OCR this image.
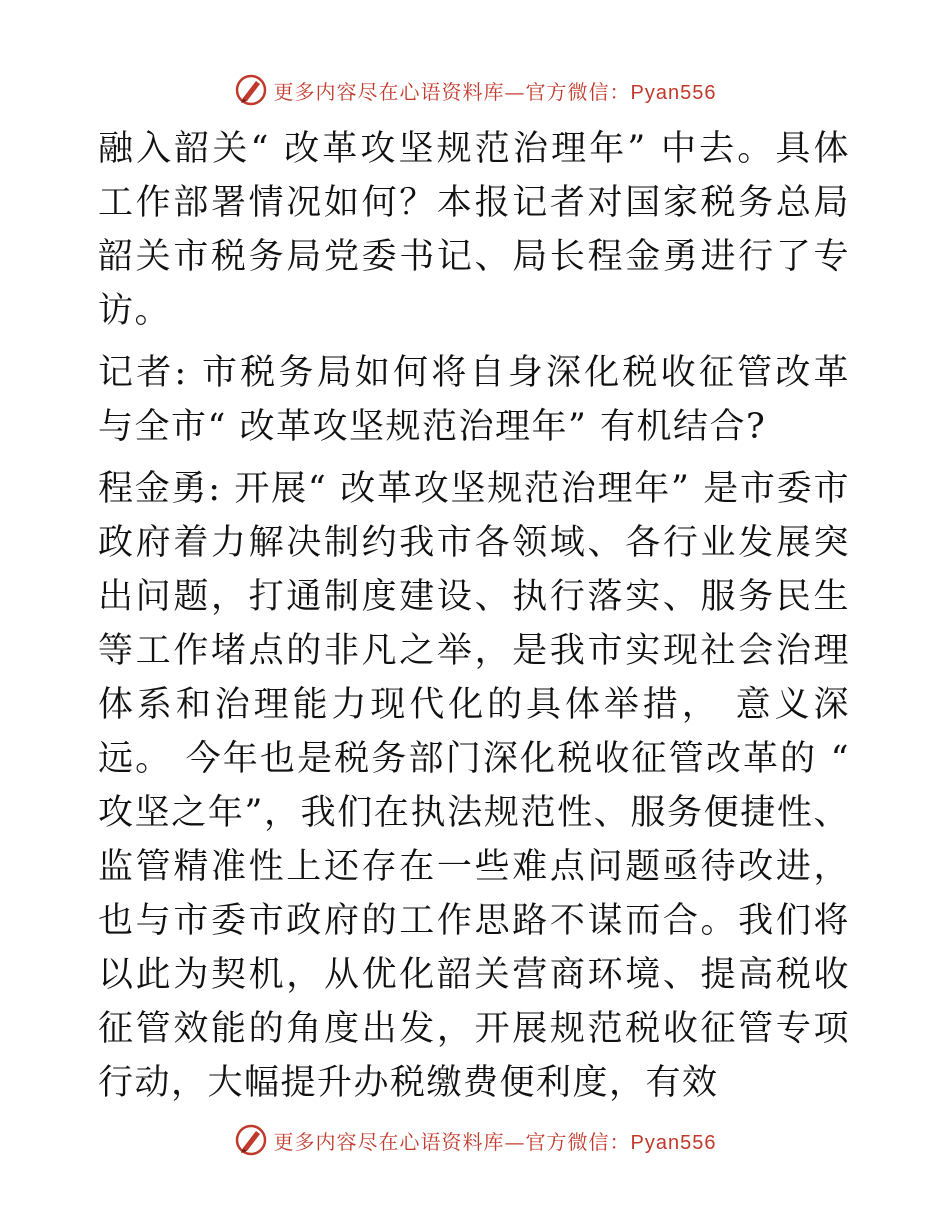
更多内容尽在心语资料库—官方微信：Pyan556

融入韶关“ 改革攻坚规范治理年” 中去。具体工作部署情况如何？本报记者对国家税务总局韶关市税务局党委书记、局长程金勇进行了专访。

记者: 市税务局如何将自身深化税收征管改革与全市“ 改革攻坚规范治理年” 有机结合?

程金勇: 开展“ 改革攻坚规范治理年” 是市委市政府着力解决制约我市各领域、各行业发展突出问题，打通制度建设、执行落实、服务民生等工作堵点的非凡之举，是我市实现社会治理体系和治理能力现代化的具体举措， 意义深远。 今年也是税务部门深化税收征管改革的 “ 攻坚之年”，我们在执法规范性、服务便捷性、监管精准性上还存在一些难点问题亟待改进，也与市委市政府的工作思路不谋而合。我们将以此为契机，从优化韶关营商环境、提高税收征管效能的角度出发，开展规范税收征管专项行动，大幅提升办税缴费便利度，有效

更多内容尽在心语资料库—官方微信：Pyan556
